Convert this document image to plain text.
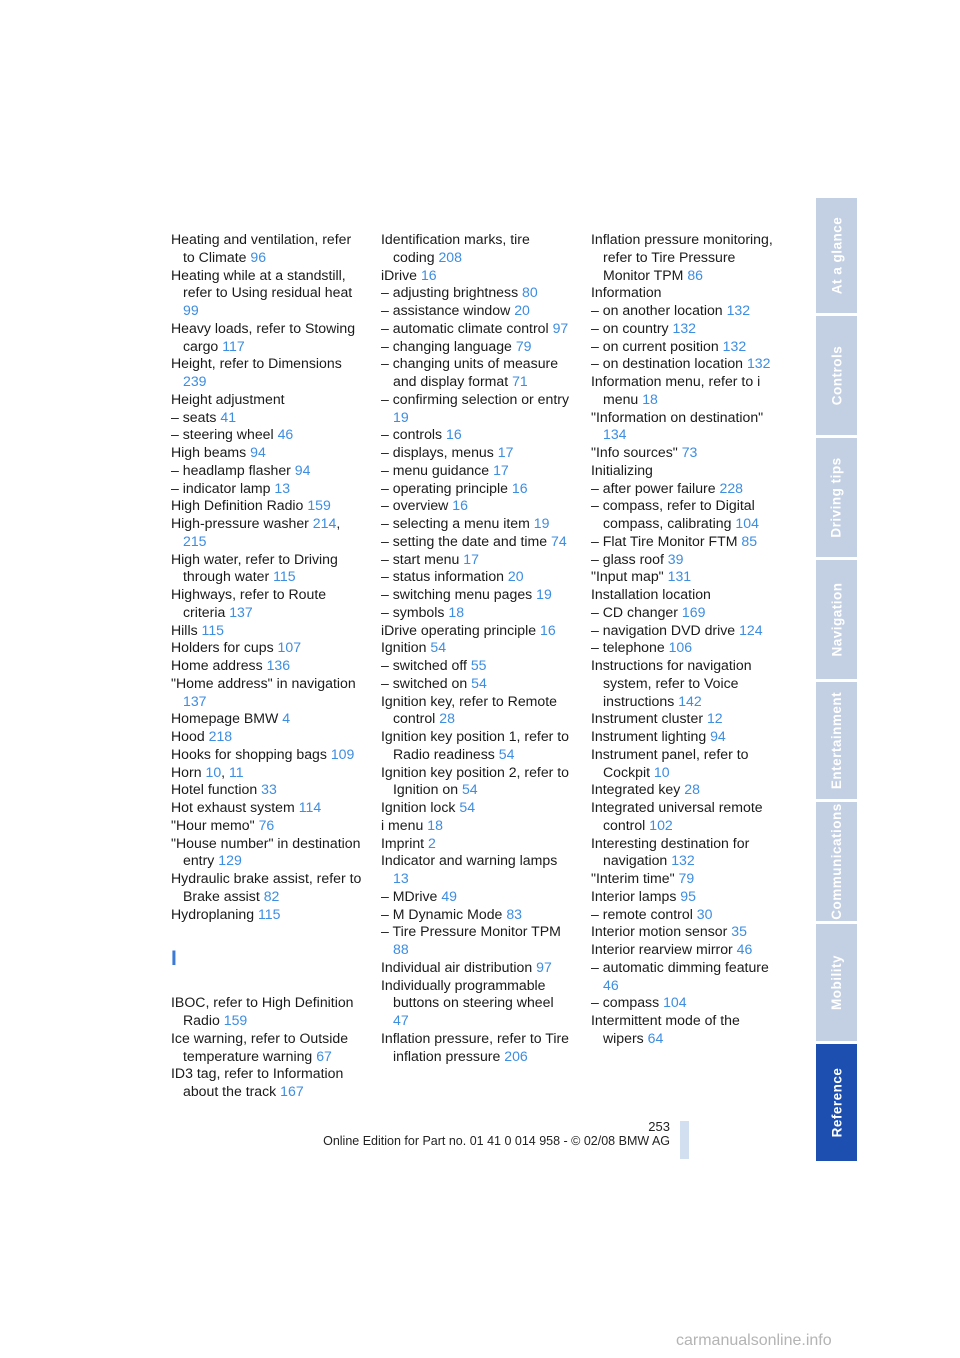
Heating and ventilation, refer to Climate 96
Heating while at a standstill, refer to Using residual heat 99
Heavy loads, refer to Stowing cargo 117
Height, refer to Dimensions 239
Height adjustment
– seats 41
– steering wheel 46
High beams 94
– headlamp flasher 94
– indicator lamp 13
High Definition Radio 159
High-pressure washer 214, 215
High water, refer to Driving through water 115
Highways, refer to Route criteria 137
Hills 115
Holders for cups 107
Home address 136
"Home address" in navigation 137
Homepage BMW 4
Hood 218
Hooks for shopping bags 109
Horn 10, 11
Hotel function 33
Hot exhaust system 114
"Hour memo" 76
"House number" in destination entry 129
Hydraulic brake assist, refer to Brake assist 82
Hydroplaning 115
I
IBOC, refer to High Definition Radio 159
Ice warning, refer to Outside temperature warning 67
ID3 tag, refer to Information about the track 167
Identification marks, tire coding 208
iDrive 16
– adjusting brightness 80
– assistance window 20
– automatic climate control 97
– changing language 79
– changing units of measure and display format 71
– confirming selection or entry 19
– controls 16
– displays, menus 17
– menu guidance 17
– operating principle 16
– overview 16
– selecting a menu item 19
– setting the date and time 74
– start menu 17
– status information 20
– switching menu pages 19
– symbols 18
iDrive operating principle 16
Ignition 54
– switched off 55
– switched on 54
Ignition key, refer to Remote control 28
Ignition key position 1, refer to Radio readiness 54
Ignition key position 2, refer to Ignition on 54
Ignition lock 54
i menu 18
Imprint 2
Indicator and warning lamps 13
– MDrive 49
– M Dynamic Mode 83
– Tire Pressure Monitor TPM 88
Individual air distribution 97
Individually programmable buttons on steering wheel 47
Inflation pressure, refer to Tire inflation pressure 206
Inflation pressure monitoring, refer to Tire Pressure Monitor TPM 86
Information
– on another location 132
– on country 132
– on current position 132
– on destination location 132
Information menu, refer to i menu 18
"Information on destination" 134
"Info sources" 73
Initializing
– after power failure 228
– compass, refer to Digital compass, calibrating 104
– Flat Tire Monitor FTM 85
– glass roof 39
"Input map" 131
Installation location
– CD changer 169
– navigation DVD drive 124
– telephone 106
Instructions for navigation system, refer to Voice instructions 142
Instrument cluster 12
Instrument lighting 94
Instrument panel, refer to Cockpit 10
Integrated key 28
Integrated universal remote control 102
Interesting destination for navigation 132
"Interim time" 79
Interior lamps 95
– remote control 30
Interior motion sensor 35
Interior rearview mirror 46
– automatic dimming feature 46
– compass 104
Intermittent mode of the wipers 64
At a glance
Controls
Driving tips
Navigation
Entertainment
Communications
Mobility
Reference
253
Online Edition for Part no. 01 41 0 014 958 - © 02/08 BMW AG
carmanualsonline.info
